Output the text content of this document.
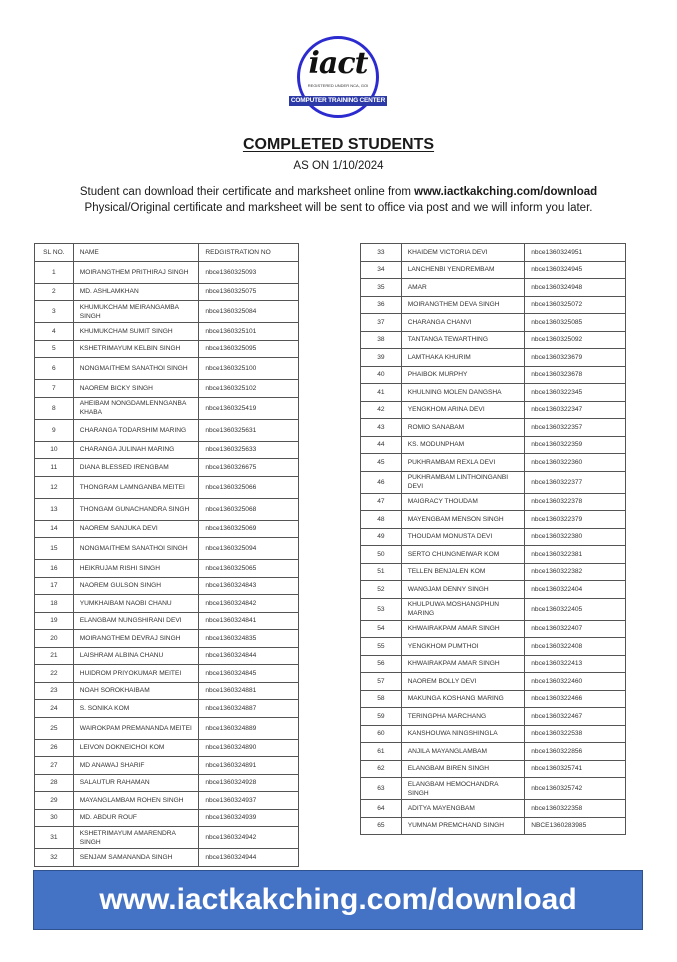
iact
REGISTERED UNDER NCA, GOI
COMPUTER TRAINING CENTER
COMPLETED STUDENTS
AS ON 1/10/2024
Student can download their certificate and marksheet online from www.iactkakching.com/download
Physical/Original certificate and marksheet will be sent to office via post and we will inform you later.
SL NO.	NAME	REDGISTRATION NO
1	MOIRANGTHEM PRITHIRAJ SINGH	nbce1360325093
2	MD. ASHLAMKHAN	nbce1360325075
3	KHUMUKCHAM MEIRANGAMBA SINGH	nbce1360325084
4	KHUMUKCHAM SUMIT SINGH	nbce1360325101
5	KSHETRIMAYUM KELBIN SINGH	nbce1360325095
6	NONGMAITHEM SANATHOI SINGH	nbce1360325100
7	NAOREM BICKY SINGH	nbce1360325102
8	AHEIBAM NONGDAMLENNGANBA KHABA	nbce1360325419
9	CHARANGA TODARSHIM MARING	nbce1360325631
10	CHARANGA JULINAH MARING	nbce1360325633
11	DIANA BLESSED IRENGBAM	nbce1360326675
12	THONGRAM LAMNGANBA MEITEI	nbce1360325066
13	THONGAM GUNACHANDRA SINGH	nbce1360325068
14	NAOREM SANJUKA DEVI	nbce1360325069
15	NONGMAITHEM SANATHOI SINGH	nbce1360325094
16	HEIKRUJAM RISHI SINGH	nbce1360325065
17	NAOREM GULSON SINGH	nbce1360324843
18	YUMKHAIBAM NAOBI CHANU	nbce1360324842
19	ELANGBAM NUNGSHIRANI DEVI	nbce1360324841
20	MOIRANGTHEM DEVRAJ SINGH	nbce1360324835
21	LAISHRAM ALBINA CHANU	nbce1360324844
22	HUIDROM PRIYOKUMAR MEITEI	nbce1360324845
23	NOAH SOROKHAIBAM	nbce1360324881
24	S. SONIKA KOM	nbce1360324887
25	WAIROKPAM PREMANANDA MEITEI	nbce1360324889
26	LEIVON DOKNEICHOI KOM	nbce1360324890
27	MD ANAWAJ SHARIF	nbce1360324891
28	SALAUTUR RAHAMAN	nbce1360324928
29	MAYANGLAMBAM ROHEN SINGH	nbce1360324937
30	MD. ABDUR ROUF	nbce1360324939
31	KSHETRIMAYUM AMARENDRA SINGH	nbce1360324942
32	SENJAM SAMANANDA SINGH	nbce1360324944
33	KHAIDEM VICTORIA DEVI	nbce1360324951
34	LANCHENBI YENDREMBAM	nbce1360324945
35	AMAR	nbce1360324948
36	MOIRANGTHEM DEVA SINGH	nbce1360325072
37	CHARANGA CHANVI	nbce1360325085
38	TANTANGA TEWARTHING	nbce1360325092
39	LAMTHAKA KHURIM	nbce1360323679
40	PHAIBOK MURPHY	nbce1360323678
41	KHULNING MOLEN DANGSHA	nbce1360322345
42	YENGKHOM ARINA DEVI	nbce1360322347
43	ROMIO SANABAM	nbce1360322357
44	KS. MODUNPHAM	nbce1360322359
45	PUKHRAMBAM REXLA DEVI	nbce1360322360
46	PUKHRAMBAM LINTHOINGANBI DEVI	nbce1360322377
47	MAIGRACY THOUDAM	nbce1360322378
48	MAYENGBAM MENSON SINGH	nbce1360322379
49	THOUDAM MONUSTA DEVI	nbce1360322380
50	SERTO CHUNGNEIWAR KOM	nbce1360322381
51	TELLEN BENJALEN KOM	nbce1360322382
52	WANGJAM DENNY SINGH	nbce1360322404
53	KHULPUWA MOSHANGPHUN MARING	nbce1360322405
54	KHWAIRAKPAM AMAR SINGH	nbce1360322407
55	YENGKHOM PUMTHOI	nbce1360322408
56	KHWAIRAKPAM AMAR SINGH	nbce1360322413
57	NAOREM BOLLY DEVI	nbce1360322460
58	MAKUNGA KOSHANG MARING	nbce1360322466
59	TERINGPHA MARCHANG	nbce1360322467
60	KANSHOUWA NINGSHINGLA	nbce1360322538
61	ANJILA MAYANGLAMBAM	nbce1360322856
62	ELANGBAM BIREN SINGH	nbce1360325741
63	ELANGBAM HEMOCHANDRA SINGH	nbce1360325742
64	ADITYA MAYENGBAM	nbce1360322358
65	YUMNAM PREMCHAND SINGH	NBCE1360283985
www.iactkakching.com/download
